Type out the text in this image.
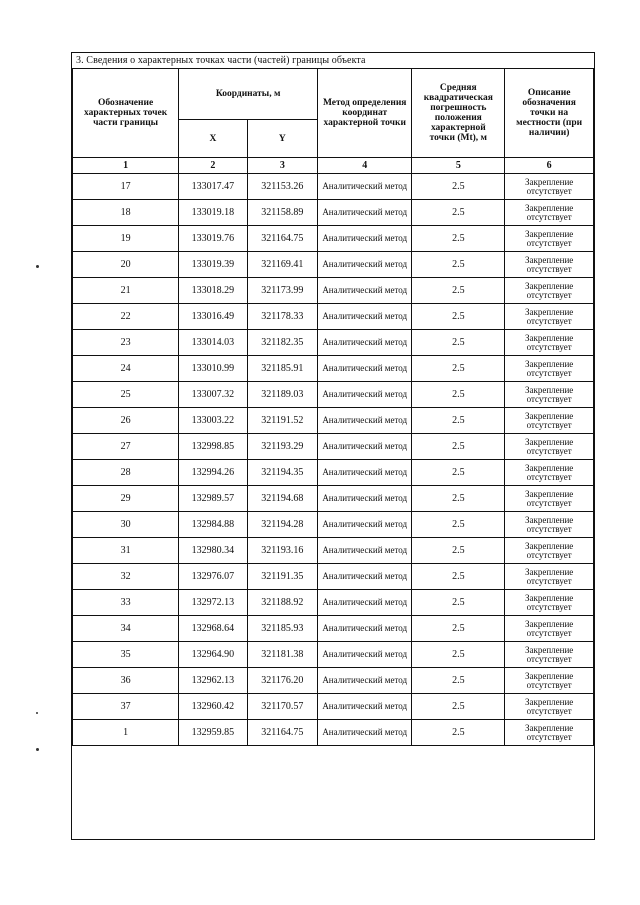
3. Сведения о характерных точках части (частей) границы объекта
Обозначение характерных точек части границы	Координаты, м		Метод определения координат характерной точки	Средняя квадратическая погрешность положения характерной точки (Mt), м	Описание обозначения точки на местности (при наличии)
	X	Y			
1	2	3	4	5	6
17	133017.47	321153.26	Аналитический метод	2.5	Закрепление отсутствует
18	133019.18	321158.89	Аналитический метод	2.5	Закрепление отсутствует
19	133019.76	321164.75	Аналитический метод	2.5	Закрепление отсутствует
20	133019.39	321169.41	Аналитический метод	2.5	Закрепление отсутствует
21	133018.29	321173.99	Аналитический метод	2.5	Закрепление отсутствует
22	133016.49	321178.33	Аналитический метод	2.5	Закрепление отсутствует
23	133014.03	321182.35	Аналитический метод	2.5	Закрепление отсутствует
24	133010.99	321185.91	Аналитический метод	2.5	Закрепление отсутствует
25	133007.32	321189.03	Аналитический метод	2.5	Закрепление отсутствует
26	133003.22	321191.52	Аналитический метод	2.5	Закрепление отсутствует
27	132998.85	321193.29	Аналитический метод	2.5	Закрепление отсутствует
28	132994.26	321194.35	Аналитический метод	2.5	Закрепление отсутствует
29	132989.57	321194.68	Аналитический метод	2.5	Закрепление отсутствует
30	132984.88	321194.28	Аналитический метод	2.5	Закрепление отсутствует
31	132980.34	321193.16	Аналитический метод	2.5	Закрепление отсутствует
32	132976.07	321191.35	Аналитический метод	2.5	Закрепление отсутствует
33	132972.13	321188.92	Аналитический метод	2.5	Закрепление отсутствует
34	132968.64	321185.93	Аналитический метод	2.5	Закрепление отсутствует
35	132964.90	321181.38	Аналитический метод	2.5	Закрепление отсутствует
36	132962.13	321176.20	Аналитический метод	2.5	Закрепление отсутствует
37	132960.42	321170.57	Аналитический метод	2.5	Закрепление отсутствует
1	132959.85	321164.75	Аналитический метод	2.5	Закрепление отсутствует
